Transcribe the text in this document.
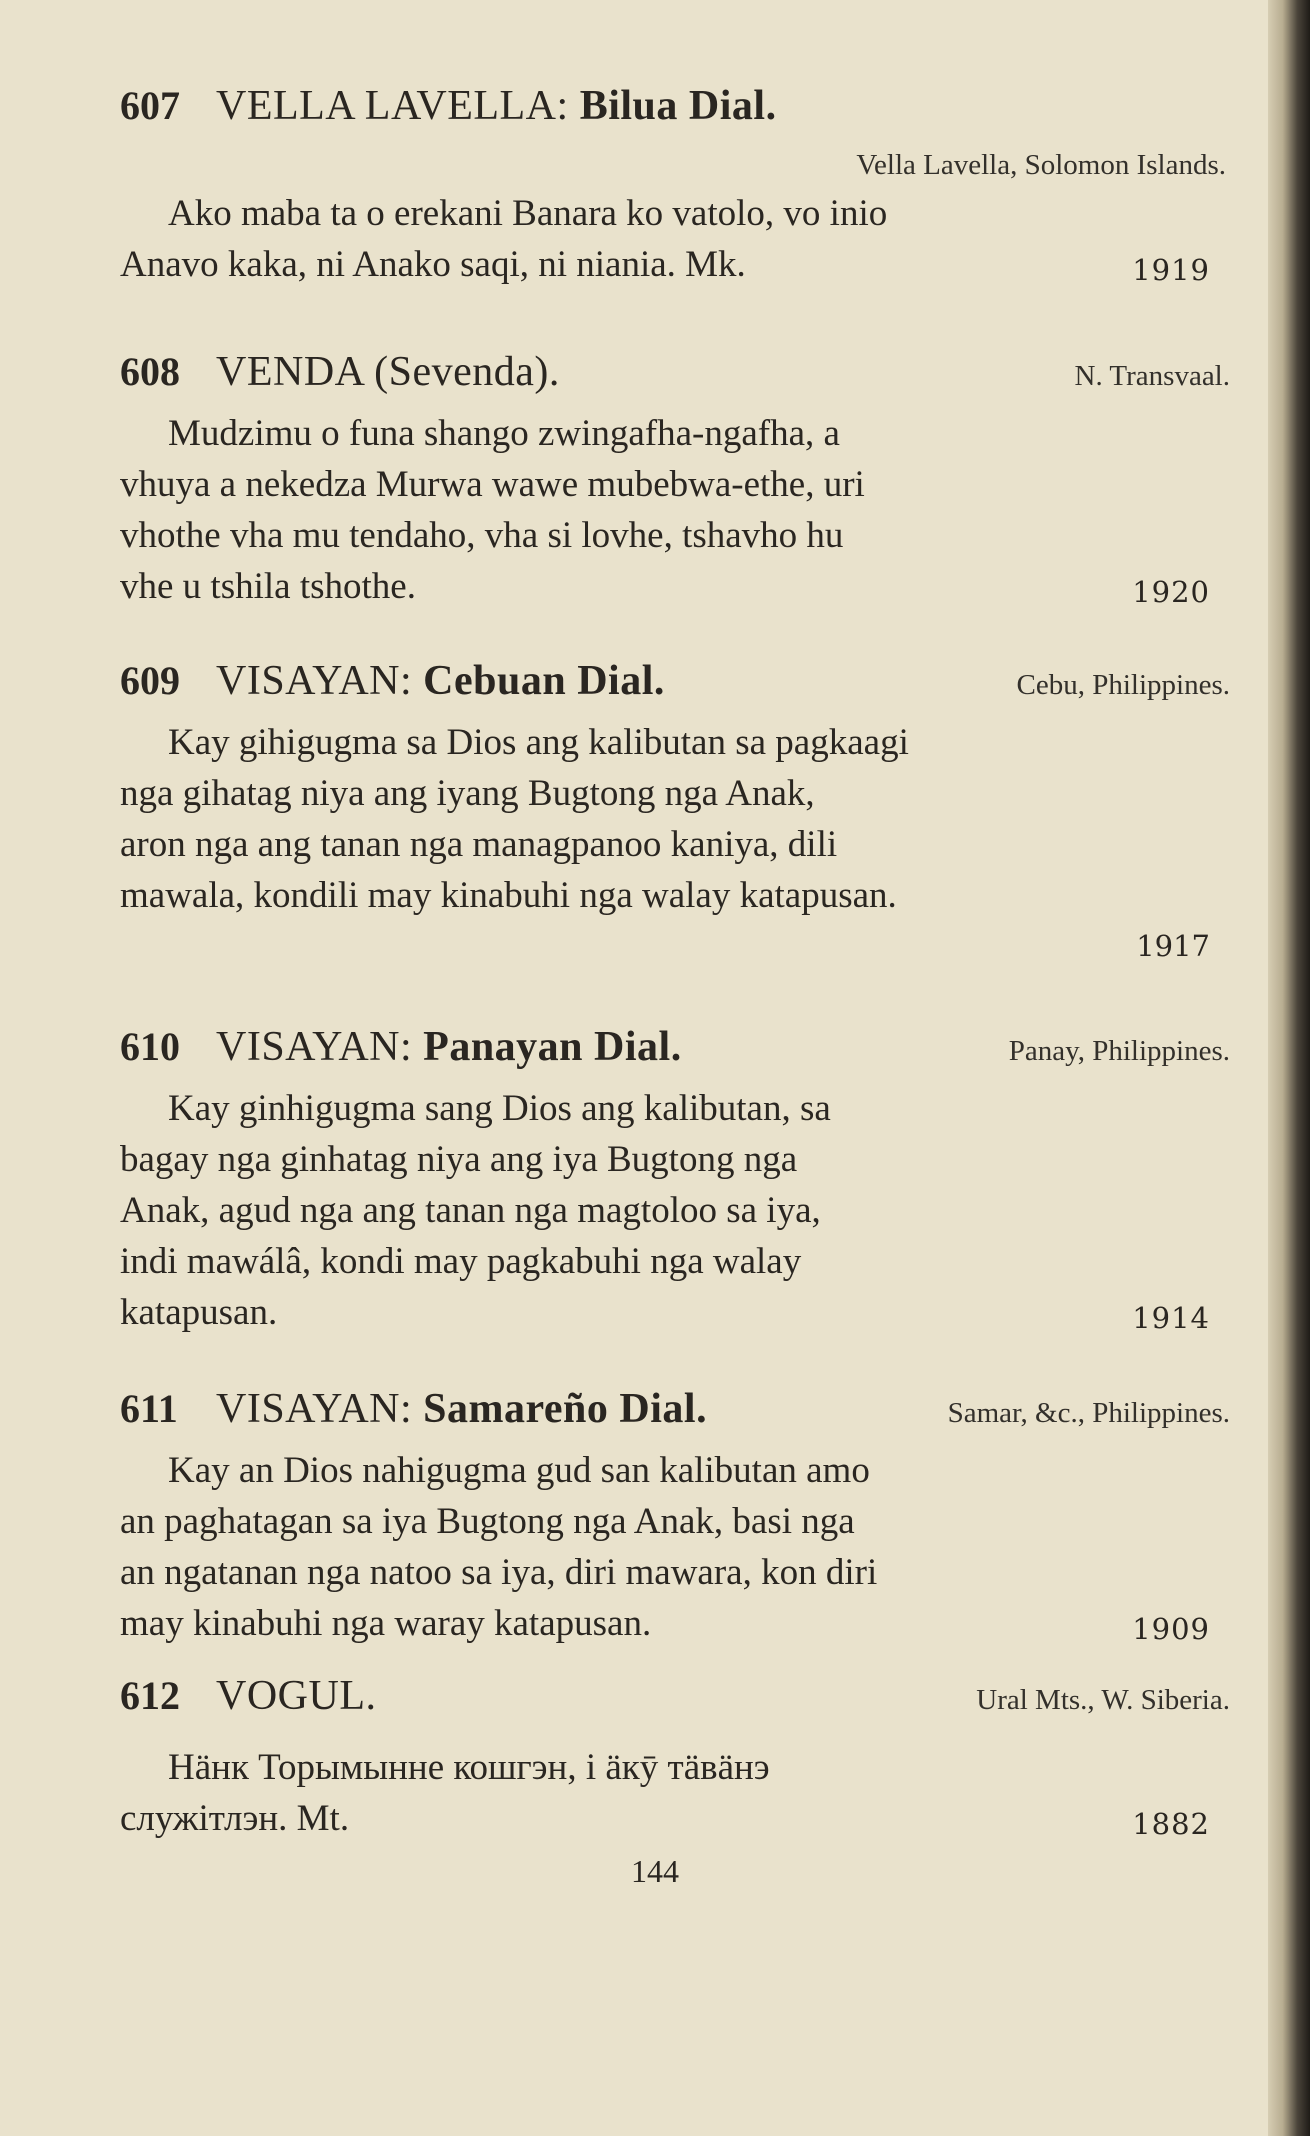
607 VELLA LAVELLA: Bilua Dial.
Vella Lavella, Solomon Islands.
Ako maba ta o erekani Banara ko vatolo, vo inio
Anavo kaka, ni Anako saqi, ni niania. Mk.	1919
608 VENDA (Sevenda).	N. Transvaal.
Mudzimu o funa shango zwingafha-ngafha, a
vhuya a nekedza Murwa wawe mubebwa-ethe, uri
vhothe vha mu tendaho, vha si lovhe, tshavho hu
vhe u tshila tshothe.	1920
609 VISAYAN: Cebuan Dial.	Cebu, Philippines.
Kay gihigugma sa Dios ang kalibutan sa pagkaagi
nga gihatag niya ang iyang Bugtong nga Anak,
aron nga ang tanan nga managpanoo kaniya, dili
mawala, kondili may kinabuhi nga walay katapusan.
1917
610 VISAYAN: Panayan Dial.	Panay, Philippines.
Kay ginhigugma sang Dios ang kalibutan, sa
bagay nga ginhatag niya ang iya Bugtong nga
Anak, agud nga ang tanan nga magtoloo sa iya,
indi mawálâ, kondi may pagkabuhi nga walay
katapusan.	1914
611 VISAYAN: Samareño Dial.	Samar, &c., Philippines.
Kay an Dios nahigugma gud san kalibutan amo
an paghatagan sa iya Bugtong nga Anak, basi nga
an ngatanan nga natoo sa iya, diri mawara, kon diri
may kinabuhi nga waray katapusan.	1909
612 VOGUL.	Ural Mts., W. Siberia.
Нӓнк Торымынне кошгэн, i ӓкӯ тӓвӓнэ
служiтлэн. Mt.	1882
144
